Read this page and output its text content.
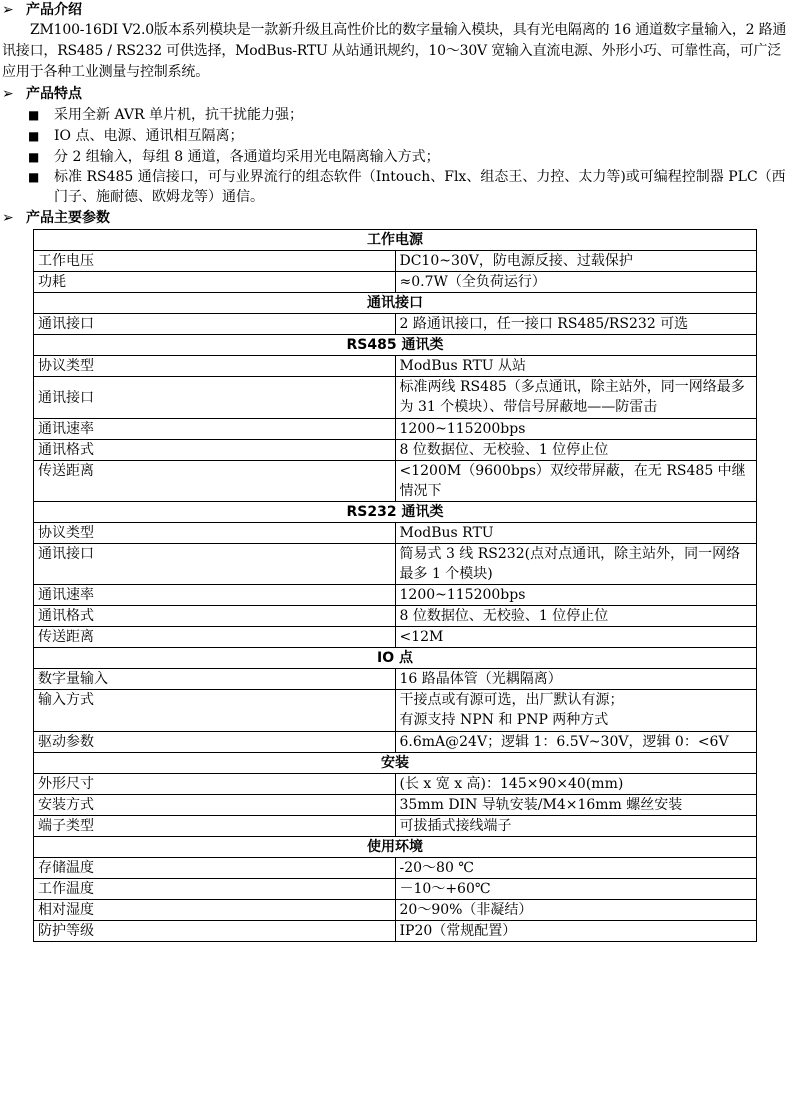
➢ 产品介绍
ZM100-16DI V2.0版本系列模块是一款新升级且高性价比的数字量输入模块，具有光电隔离的 16 通道数字量输入，2 路通讯接口，RS485 / RS232 可供选择，ModBus-RTU 从站通讯规约，10～30V 宽输入直流电源、外形小巧、可靠性高，可广泛应用于各种工业测量与控制系统。
➢ 产品特点
■	采用全新 AVR 单片机，抗干扰能力强；
■	IO 点、电源、通讯相互隔离；
■	分 2 组输入，每组 8 通道，各通道均采用光电隔离输入方式；
■	标准 RS485 通信接口，可与业界流行的组态软件（Intouch、Flx、组态王、力控、太力等)或可编程控制器 PLC（西门子、施耐德、欧姆龙等）通信。
➢ 产品主要参数
工作电源	
工作电压	DC10~30V，防电源反接、过载保护
功耗	≈0.7W（全负荷运行）
通讯接口	
通讯接口	2 路通讯接口，任一接口 RS485/RS232 可选
RS485 通讯类	
协议类型	ModBus RTU 从站
通讯接口	标准两线 RS485（多点通讯，除主站外，同一网络最多为 31 个模块）、带信号屏蔽地——防雷击
通讯速率	1200~115200bps
通讯格式	8 位数据位、无校验、1 位停止位
传送距离	<1200M（9600bps）双绞带屏蔽，在无 RS485 中继情况下
RS232 通讯类	
协议类型	ModBus RTU
通讯接口	简易式 3 线 RS232(点对点通讯，除主站外，同一网络最多 1 个模块)
通讯速率	1200~115200bps
通讯格式	8 位数据位、无校验、1 位停止位
传送距离	<12M
IO 点	
数字量输入	16 路晶体管（光耦隔离）
输入方式	干接点或有源可选，出厂默认有源；
有源支持 NPN 和 PNP 两种方式

驱动参数	6.6mA@24V；逻辑 1：6.5V~30V，逻辑 0：<6V
安装	
外形尺寸	(长 x 宽 x 高)：145×90×40(mm)
安装方式	35mm DIN 导轨安装/M4×16mm 螺丝安装
端子类型	可拔插式接线端子
使用环境	
存储温度	-20～80 ℃
工作温度	－10～+60℃
相对湿度	20～90%（非凝结）
防护等级	IP20（常规配置）
